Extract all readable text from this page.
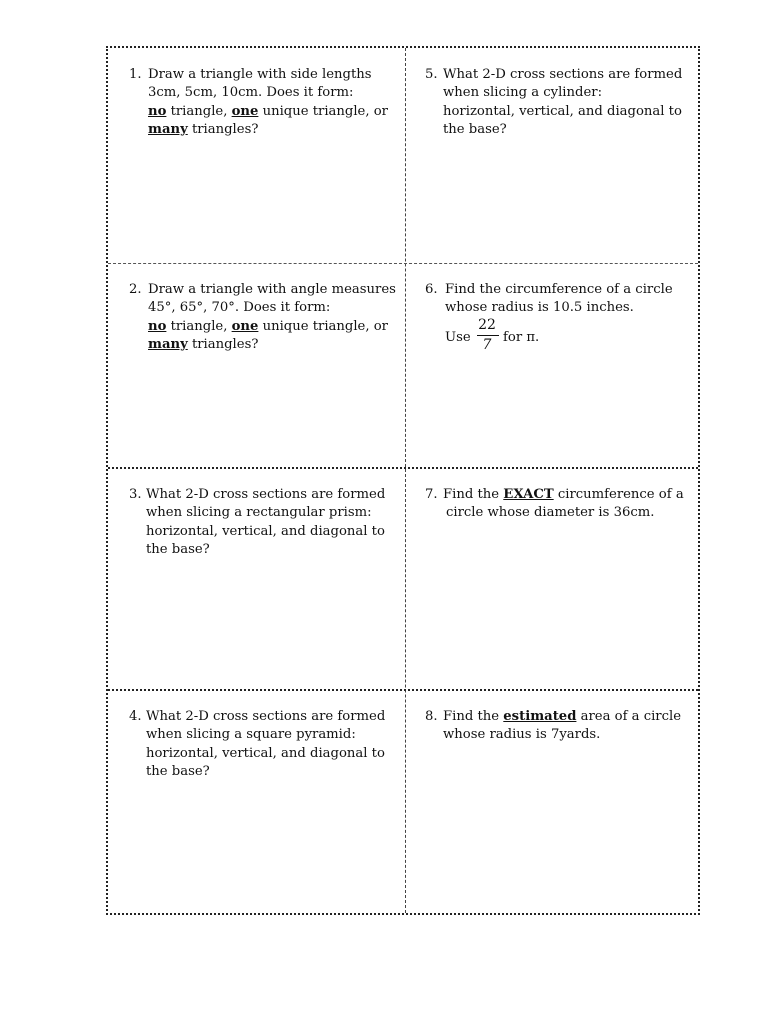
1. Draw a triangle with side lengths
3cm, 5cm, 10cm. Does it form:
no triangle, one unique triangle, or
many triangles?
2. Draw a triangle with angle measures
45°, 65°, 70°. Does it form:
no triangle, one unique triangle, or
many triangles?
3. What 2-D cross sections are formed
when slicing a rectangular prism:
horizontal, vertical, and diagonal to
the base?
4. What 2-D cross sections are formed
when slicing a square pyramid:
horizontal, vertical, and diagonal to
the base?
5. What 2-D cross sections are formed
when slicing a cylinder:
horizontal, vertical, and diagonal to
the base?
6. Find the circumference of a circle
whose radius is 10.5 inches.
Use
22
7 for π.
7. Find the EXACT circumference of a
circle whose diameter is 36cm.
8. Find the estimated area of a circle
whose radius is 7yards.
